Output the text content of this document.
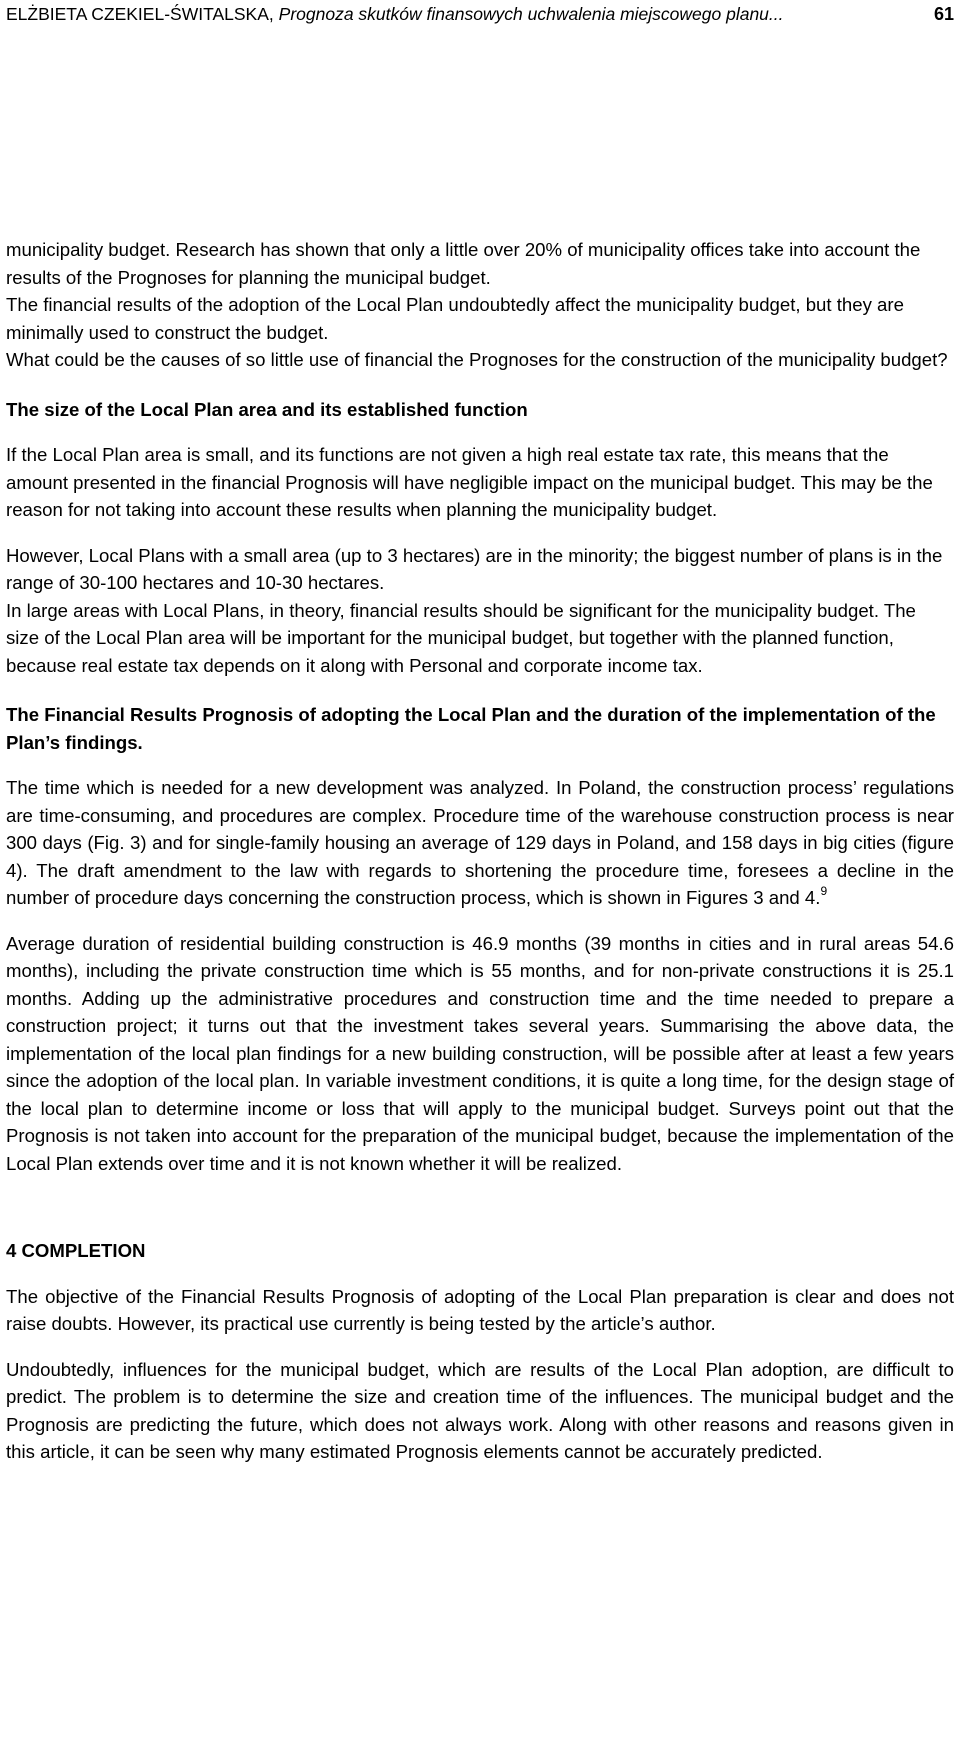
ELŻBIETA CZEKIEL-ŚWITALSKA, Prognoza skutków finansowych uchwalenia miejscowego planu...	61

municipality budget. Research has shown that only a little over 20% of municipality offices take into account the results of the Prognoses for planning the municipal budget.

The financial results of the adoption of the Local Plan undoubtedly affect the municipality budget, but they are minimally used to construct the budget.

What could be the causes of so little use of financial the Prognoses for the construction of the municipality budget?

The size of the Local Plan area and its established function

If the Local Plan area is small, and its functions are not given a high real estate tax rate, this means that the amount presented in the financial Prognosis will have negligible impact on the municipal budget. This may be the reason for not taking into account these results when planning the municipality budget.

However, Local Plans with a small area (up to 3 hectares) are in the minority; the biggest number of plans is in the range of 30-100 hectares and 10-30 hectares.

In large areas with Local Plans, in theory, financial results should be significant for the municipality budget. The size of the Local Plan area will be important for the municipal budget, but together with the planned function, because real estate tax depends on it along with Personal and corporate income tax.

The Financial Results Prognosis of adopting the Local Plan and the duration of the implementation of the Plan’s findings.

The time which is needed for a new development was analyzed. In Poland, the construction process’ regulations are time-consuming, and procedures are complex. Procedure time of the warehouse construction process is near 300 days (Fig. 3) and for single-family housing an average of 129 days in Poland, and 158 days in big cities (figure 4). The draft amendment to the law with regards to shortening the procedure time, foresees a decline in the number of procedure days concerning the construction process, which is shown in Figures 3 and 4.$^9$

Average duration of residential building construction is 46.9 months (39 months in cities and in rural areas 54.6 months), including the private construction time which is 55 months, and for non-private constructions it is 25.1 months. Adding up the administrative procedures and construction time and the time needed to prepare a construction project; it turns out that the investment takes several years. Summarising the above data, the implementation of the local plan findings for a new building construction, will be possible after at least a few years since the adoption of the local plan. In variable investment conditions, it is quite a long time, for the design stage of the local plan to determine income or loss that will apply to the municipal budget. Surveys point out that the Prognosis is not taken into account for the preparation of the municipal budget, because the implementation of the Local Plan extends over time and it is not known whether it will be realized.

4 COMPLETION

The objective of the Financial Results Prognosis of adopting of the Local Plan preparation is clear and does not raise doubts. However, its practical use currently is being tested by the article’s author.

Undoubtedly, influences for the municipal budget, which are results of the Local Plan adoption, are difficult to predict. The problem is to determine the size and creation time of the influences. The municipal budget and the Prognosis are predicting the future, which does not always work. Along with other reasons and reasons given in this article, it can be seen why many estimated Prognosis elements cannot be accurately predicted.
